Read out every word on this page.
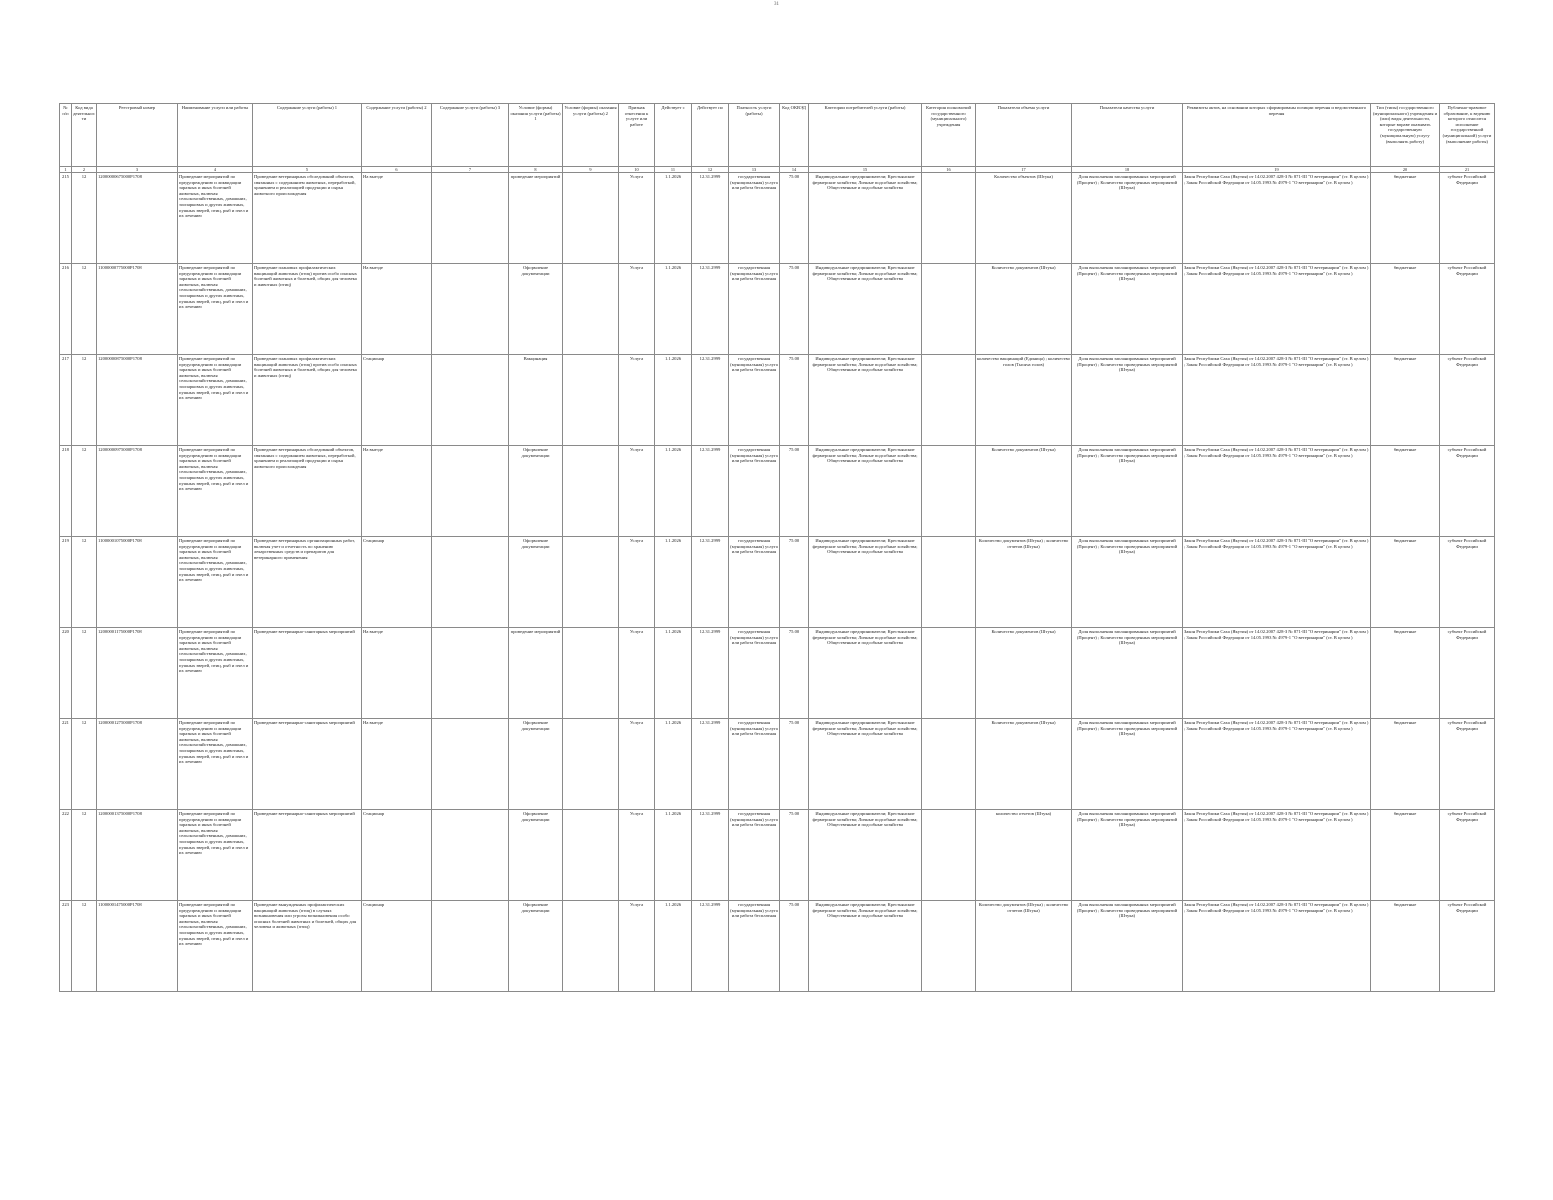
31
№ п/п	Код вида деятельности	Реестровый номер	Наименование услуги или работы	Содержание услуги (работы) 1	Содержание услуги (работы) 2	Содержание услуги (работы) 3	Условие (формы) оказания услуги (работы) 1	Условие (формы) оказания услуги (работы) 2	Признак отнесения к услуге или работе	Действует с	Действует по	Платность услуги (работы)	Код ОКВЭД	Категории потребителей услуги (работы)	Категория полномочий государственного (муниципального) учреждения	Показатели объема услуги	Показатели качества услуги	Реквизиты актов, на основании которых сформированы позиции перечня и ведомственного перечня	Тип (типы) государственного (муниципального) учреждения и (или) виды деятельности, которые вправе оказывать государственную (муниципальную) услугу (выполнять работу)	Публично-правовое образование, к ведению которого относится исполнение государственной (муниципальной) услуги (выполнение работы)
1	2	3	4	5	6	7	8	9	10	11	12	13	14	15	16	17	18	19	20	21
215	12	12000000675000Р1708	Проведение мероприятий по предупреждению и ликвидации заразных и иных болезней животных, включая сельскохозяйственных, домашних, зоопарковых и других животных, пушных зверей, птиц, рыб и пчел и их лечению	Проведение ветеринарных обследований объектов, связанных с содержанием животных, переработкой, хранением и реализацией продукции и сырья животного происхождения	На выезде		проведение мероприятий		Услуга	1.1.2026	12.31.2999	государственная (муниципальная) услуга или работа бесплатная	75.00	Индивидуальные предприниматели; Крестьянские фермерские хозяйства; Личные подсобные хозяйства; Общественные и подсобные хозяйства		Количество объектов (Штука)	Доля выполнения запланированных мероприятий (Процент) ; Количество проведенных мероприятий (Штука)	Закон Республики Саха (Якутия) от 14.02.2007 428-З № 871-III "О ветеринарии" (ст. В целом ) ; Закон Российской Федерации от 14.05.1993 № 4979-1 "О ветеринарии" (ст. В целом )	бюджетные	субъект Российской Федерации
216	12	11000000775000Р1708	Проведение мероприятий по предупреждению и ликвидации заразных и иных болезней животных, включая сельскохозяйственных, домашних, зоопарковых и других животных, пушных зверей, птиц, рыб и пчел и их лечению	Проведение плановых профилактических вакцинаций животных (птиц) против особо опасных болезней животных и болезней, общих для человека и животных (птиц)	На выезде		Оформление документации		Услуга	1.1.2026	12.31.2999	государственная (муниципальная) услуга или работа бесплатная	75.00	Индивидуальные предприниматели; Крестьянские фермерские хозяйства; Личные подсобные хозяйства; Общественные и подсобные хозяйства		Количество документов (Штука)	Доля выполнения запланированных мероприятий (Процент) ; Количество проведенных мероприятий (Штука)	Закон Республики Саха (Якутия) от 14.02.2007 428-З № 871-III "О ветеринарии" (ст. В целом ) ; Закон Российской Федерации от 14.05.1993 № 4979-1 "О ветеринарии" (ст. В целом )	бюджетные	субъект Российской Федерации
217	12	12000000875000Р1708	Проведение мероприятий по предупреждению и ликвидации заразных и иных болезней животных, включая сельскохозяйственных, домашних, зоопарковых и других животных, пушных зверей, птиц, рыб и пчел и их лечению	Проведение плановых профилактических вакцинаций животных (птиц) против особо опасных болезней животных и болезней, общих для человека и животных (птиц)	Стационар		Вакцинация		Услуга	1.1.2026	12.31.2999	государственная (муниципальная) услуга или работа бесплатная	75.00	Индивидуальные предприниматели; Крестьянские фермерские хозяйства; Личные подсобные хозяйства; Общественные и подсобные хозяйства		количество вакцинаций (Единица) ; количество голов (Тысяча голов)	Доля выполнения запланированных мероприятий (Процент) ; Количество проведенных мероприятий (Штука)	Закон Республики Саха (Якутия) от 14.02.2007 428-З № 871-III "О ветеринарии" (ст. В целом ) ; Закон Российской Федерации от 14.05.1993 № 4979-1 "О ветеринарии" (ст. В целом )	бюджетные	субъект Российской Федерации
218	12	12000000975000Р1708	Проведение мероприятий по предупреждению и ликвидации заразных и иных болезней животных, включая сельскохозяйственных, домашних, зоопарковых и других животных, пушных зверей, птиц, рыб и пчел и их лечению	Проведение ветеринарных обследований объектов, связанных с содержанием животных, переработкой, хранением и реализацией продукции и сырья животного происхождения	На выезде		Оформление документации		Услуга	1.1.2026	12.31.2999	государственная (муниципальная) услуга или работа бесплатная	75.00	Индивидуальные предприниматели; Крестьянские фермерские хозяйства; Личные подсобные хозяйства; Общественные и подсобные хозяйства		Количество документов (Штука)	Доля выполнения запланированных мероприятий (Процент) ; Количество проведенных мероприятий (Штука)	Закон Республики Саха (Якутия) от 14.02.2007 428-З № 871-III "О ветеринарии" (ст. В целом ) ; Закон Российской Федерации от 14.05.1993 № 4979-1 "О ветеринарии" (ст. В целом )	бюджетные	субъект Российской Федерации
219	12	11000001075000Р1708	Проведение мероприятий по предупреждению и ликвидации заразных и иных болезней животных, включая сельскохозяйственных, домашних, зоопарковых и других животных, пушных зверей, птиц, рыб и пчел и их лечению	Проведение ветеринарных организационных работ, включая учет и отчетность по хранению лекарственных средств и препаратов для ветеринарного применения	Стационар		Оформление документации		Услуга	1.1.2026	12.31.2999	государственная (муниципальная) услуга или работа бесплатная	75.00	Индивидуальные предприниматели; Крестьянские фермерские хозяйства; Личные подсобные хозяйства; Общественные и подсобные хозяйства		Количество документов (Штука) ; количество отчетов (Штука)	Доля выполнения запланированных мероприятий (Процент) ; Количество проведенных мероприятий (Штука)	Закон Республики Саха (Якутия) от 14.02.2007 428-З № 871-III "О ветеринарии" (ст. В целом ) ; Закон Российской Федерации от 14.05.1993 № 4979-1 "О ветеринарии" (ст. В целом )	бюджетные	субъект Российской Федерации
220	12	12000001175000Р1708	Проведение мероприятий по предупреждению и ликвидации заразных и иных болезней животных, включая сельскохозяйственных, домашних, зоопарковых и других животных, пушных зверей, птиц, рыб и пчел и их лечению	Проведение ветеринарно-санитарных мероприятий	На выезде		проведение мероприятий		Услуга	1.1.2026	12.31.2999	государственная (муниципальная) услуга или работа бесплатная	75.00	Индивидуальные предприниматели; Крестьянские фермерские хозяйства; Личные подсобные хозяйства; Общественные и подсобные хозяйства		Количество документов (Штука)	Доля выполнения запланированных мероприятий (Процент) ; Количество проведенных мероприятий (Штука)	Закон Республики Саха (Якутия) от 14.02.2007 428-З № 871-III "О ветеринарии" (ст. В целом ) ; Закон Российской Федерации от 14.05.1993 № 4979-1 "О ветеринарии" (ст. В целом )	бюджетные	субъект Российской Федерации
221	12	12000001275000Р1708	Проведение мероприятий по предупреждению и ликвидации заразных и иных болезней животных, включая сельскохозяйственных, домашних, зоопарковых и других животных, пушных зверей, птиц, рыб и пчел и их лечению	Проведение ветеринарно-санитарных мероприятий	На выезде		Оформление документации		Услуга	1.1.2026	12.31.2999	государственная (муниципальная) услуга или работа бесплатная	75.00	Индивидуальные предприниматели; Крестьянские фермерские хозяйства; Личные подсобные хозяйства; Общественные и подсобные хозяйства		Количество документов (Штука)	Доля выполнения запланированных мероприятий (Процент) ; Количество проведенных мероприятий (Штука)	Закон Республики Саха (Якутия) от 14.02.2007 428-З № 871-III "О ветеринарии" (ст. В целом ) ; Закон Российской Федерации от 14.05.1993 № 4979-1 "О ветеринарии" (ст. В целом )	бюджетные	субъект Российской Федерации
222	12	12000001375000Р1708	Проведение мероприятий по предупреждению и ликвидации заразных и иных болезней животных, включая сельскохозяйственных, домашних, зоопарковых и других животных, пушных зверей, птиц, рыб и пчел и их лечению	Проведение ветеринарно-санитарных мероприятий	Стационар		Оформление документации		Услуга	1.1.2026	12.31.2999	государственная (муниципальная) услуга или работа бесплатная	75.00	Индивидуальные предприниматели; Крестьянские фермерские хозяйства; Личные подсобные хозяйства; Общественные и подсобные хозяйства		количество отчетов (Штука)	Доля выполнения запланированных мероприятий (Процент) ; Количество проведенных мероприятий (Штука)	Закон Республики Саха (Якутия) от 14.02.2007 428-З № 871-III "О ветеринарии" (ст. В целом ) ; Закон Российской Федерации от 14.05.1993 № 4979-1 "О ветеринарии" (ст. В целом )	бюджетные	субъект Российской Федерации
223	12	11000001475000Р1708	Проведение мероприятий по предупреждению и ликвидации заразных и иных болезней животных, включая сельскохозяйственных, домашних, зоопарковых и других животных, пушных зверей, птиц, рыб и пчел и их лечению	Проведение вынужденных профилактических вакцинаций животных (птиц) в случаях возникновения или угрозы возникновения особо опасных болезней животных и болезней, общих для человека и животных (птиц)	Стационар		Оформление документации		Услуга	1.1.2026	12.31.2999	государственная (муниципальная) услуга или работа бесплатная	75.00	Индивидуальные предприниматели; Крестьянские фермерские хозяйства; Личные подсобные хозяйства; Общественные и подсобные хозяйства		Количество документов (Штука) ; количество отчетов (Штука)	Доля выполнения запланированных мероприятий (Процент) ; Количество проведенных мероприятий (Штука)	Закон Республики Саха (Якутия) от 14.02.2007 428-З № 871-III "О ветеринарии" (ст. В целом ) ; Закон Российской Федерации от 14.05.1993 № 4979-1 "О ветеринарии" (ст. В целом )	бюджетные	субъект Российской Федерации
